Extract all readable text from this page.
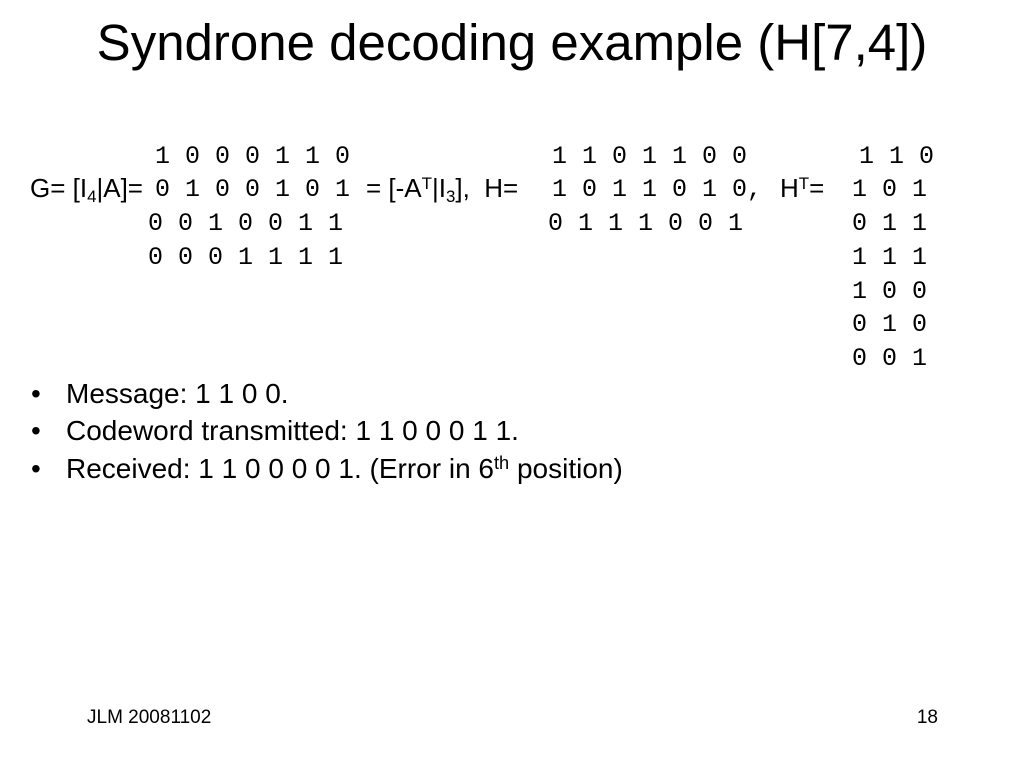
Syndrone decoding example (H[7,4])
$G= [I_4|A]=$
1 0 0 0 1 1 0
0 1 0 0 1 0 1
0 0 1 0 0 1 1
0 0 0 1 1 1 1
= $[-A^T|I_3]$,  H=
1 1 0 1 1 0 0
1 0 1 1 0 1 0,
0 1 1 1 0 0 1
$H^T=$
1 1 0
1 0 1
0 1 1
1 1 1
1 0 0
0 1 0
0 0 1

•

Message: 1 1 0 0.

•

Codeword transmitted: 1 1 0 0 0 1 1.

•

Received: 1 1 0 0 0 0 1. (Error in 6th position)

JLM 20081102	18
